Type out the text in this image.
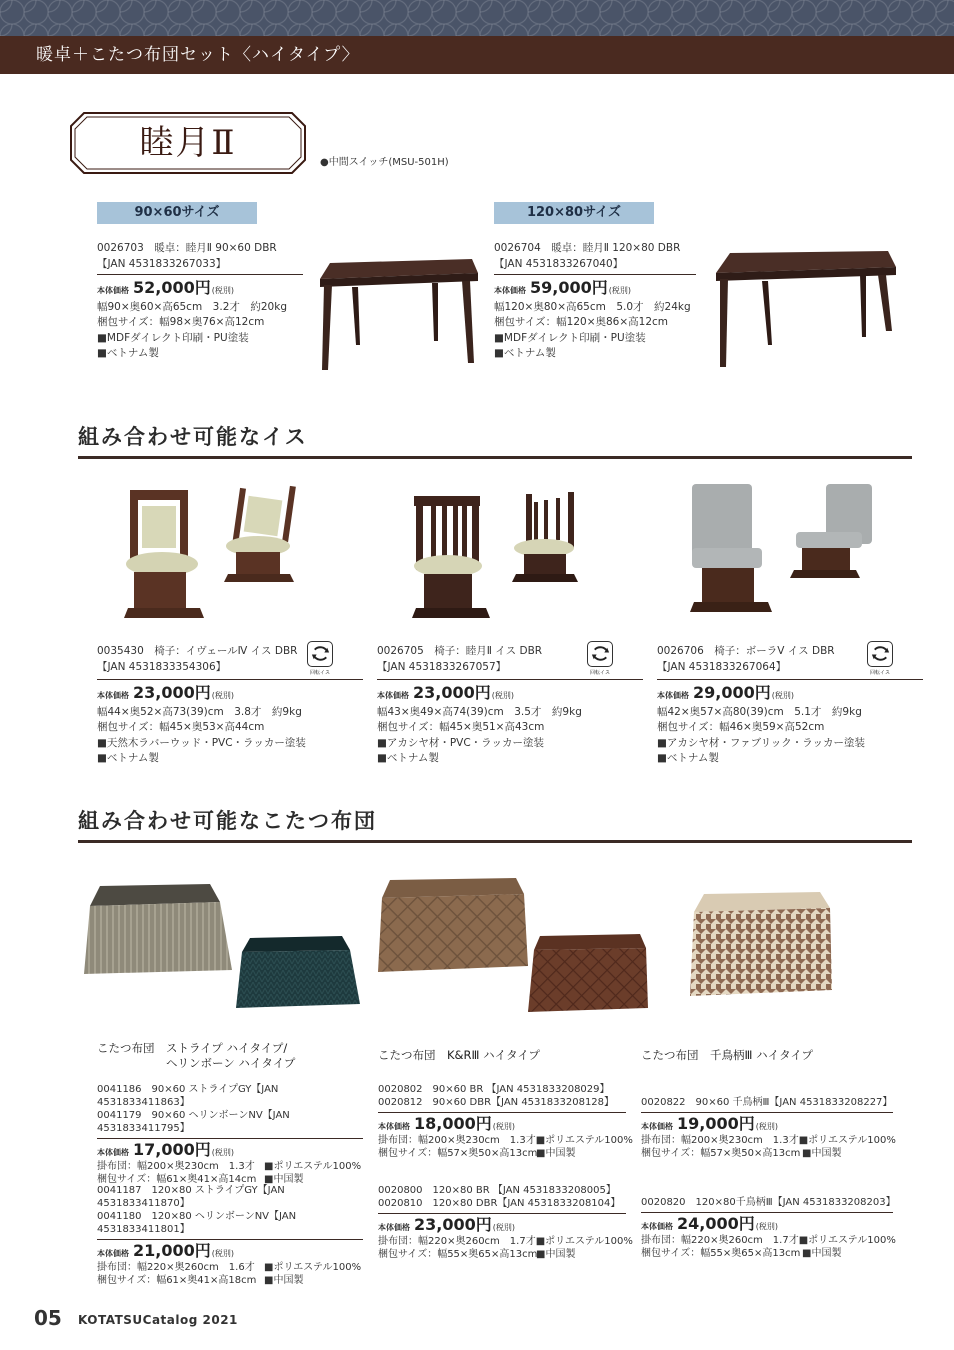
暖卓＋こたつ布団セット〈ハイタイプ〉
睦月Ⅱ	●中間スイッチ(MSU-501H)
90×60サイズ	120×80サイズ
0026703　暖卓：睦月Ⅱ 90×60 DBR
【JAN 4531833267033】
本体価格 52,000円 (税別)
幅90×奥60×高65cm　3.2才　約20kg
梱包サイズ：幅98×奥76×高12cm
■MDFダイレクト印刷・PU塗装
■ベトナム製
0026704　暖卓：睦月Ⅱ 120×80 DBR
【JAN 4531833267040】
本体価格 59,000円 (税別)
幅120×奥80×高65cm　5.0才　約24kg
梱包サイズ：幅120×奥86×高12cm
■MDFダイレクト印刷・PU塗装
■ベトナム製
組み合わせ可能なイス
0035430　椅子：イヴェールⅣ イス DBR
【JAN 4531833354306】
本体価格 23,000円 (税別)
幅44×奥52×高73(39)cm　3.8才　約9kg
梱包サイズ：幅45×奥53×高44cm
■天然木ラバーウッド・PVC・ラッカー塗装
■ベトナム製
回転イス
0026705　椅子：睦月Ⅱ イス DBR
【JAN 4531833267057】
本体価格 23,000円 (税別)
幅43×奥49×高74(39)cm　3.5才　約9kg
梱包サイズ：幅45×奥51×高43cm
■アカシヤ材・PVC・ラッカー塗装
■ベトナム製
回転イス
0026706　椅子：ボーラⅤ イス DBR
【JAN 4531833267064】
本体価格 29,000円 (税別)
幅42×奥57×高80(39)cm　5.1才　約9kg
梱包サイズ：幅46×奥59×高52cm
■アカシヤ材・ファブリック・ラッカー塗装
■ベトナム製
回転イス
組み合わせ可能なこたつ布団
こたつ布団　ストライプ ハイタイプ/
　　　　　　ヘリンボーン ハイタイプ
こたつ布団　K&RⅢ ハイタイプ	こたつ布団　千鳥柄Ⅲ ハイタイプ
0041186　90×60 ストライプGY【JAN 4531833411863】
0041179　90×60 ヘリンボーンNV【JAN 4531833411795】
本体価格 17,000円 (税別)
掛布団：幅200×奥230cm　1.3才 ■ポリエステル100%
梱包サイズ：幅61×奥41×高14cm ■中国製
0041187　120×80 ストライプGY【JAN 4531833411870】
0041180　120×80 ヘリンボーンNV【JAN 4531833411801】
本体価格 21,000円 (税別)
掛布団：幅220×奥260cm　1.6才 ■ポリエステル100%
梱包サイズ：幅61×奥41×高18cm ■中国製
0020802　90×60 BR 【JAN 4531833208029】
0020812　90×60 DBR【JAN 4531833208128】
本体価格 18,000円 (税別)
掛布団：幅200×奥230cm　1.3才 ■ポリエステル100%
梱包サイズ：幅57×奥50×高13cm
■中国製
0020800　120×80 BR 【JAN 4531833208005】
0020810　120×80 DBR【JAN 4531833208104】
本体価格 23,000円 (税別)
掛布団：幅220×奥260cm　1.7才 ■ポリエステル100%
梱包サイズ：幅55×奥65×高13cm
■中国製
0020822　90×60 千鳥柄Ⅲ【JAN 4531833208227】
本体価格 19,000円 (税別)
掛布団：幅200×奥230cm　1.3才 ■ポリエステル100%
梱包サイズ：幅57×奥50×高13cm ■中国製
0020820　120×80千鳥柄Ⅲ【JAN 4531833208203】
本体価格 24,000円 (税別)
掛布団：幅220×奥260cm　1.7才 ■ポリエステル100%
梱包サイズ：幅55×奥65×高13cm ■中国製
05 KOTATSUCatalog 2021
